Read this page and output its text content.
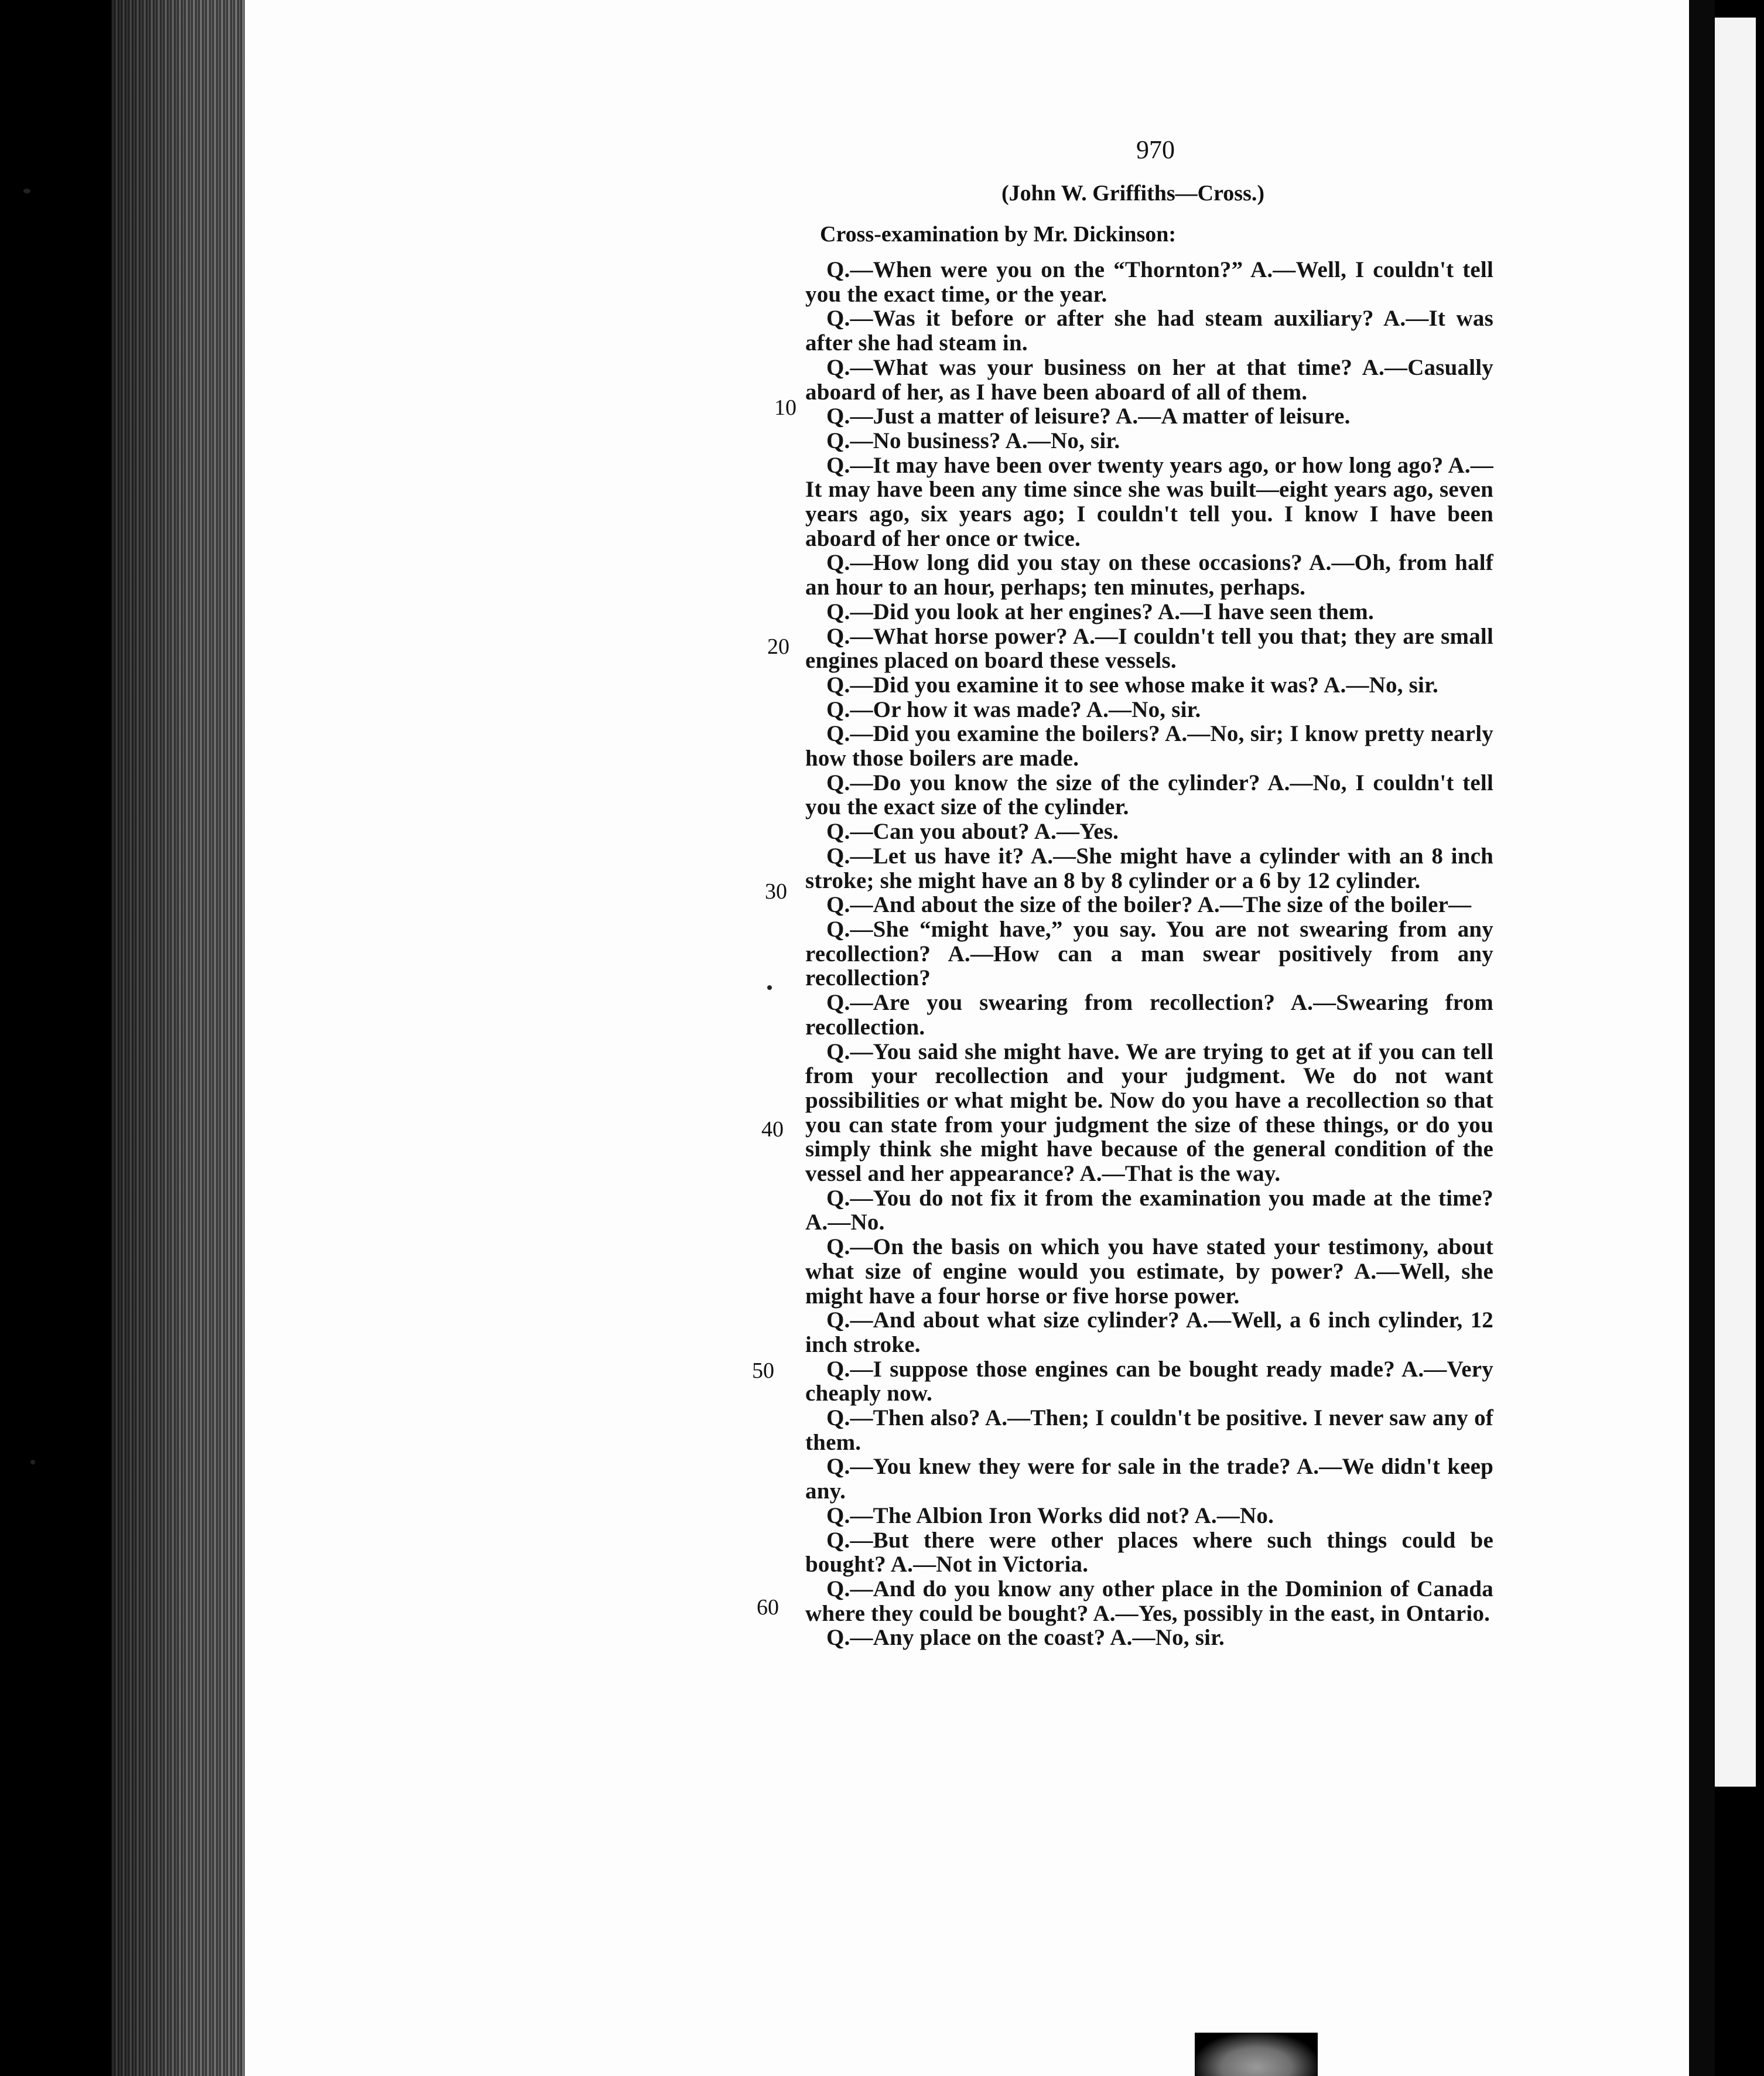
970
(John W. Griffiths—Cross.)
Cross-examination by Mr. Dickinson:
10
20
30
40
50
60

Q.—When were you on the “Thornton?” A.—Well, I couldn't tell you the exact time, or the year.

Q.—Was it before or after she had steam auxiliary? A.—It was after she had steam in.

Q.—What was your business on her at that time? A.—Casually aboard of her, as I have been aboard of all of them.

Q.—Just a matter of leisure? A.—A matter of leisure.

Q.—No business? A.—No, sir.

Q.—It may have been over twenty years ago, or how long ago? A.—It may have been any time since she was built—eight years ago, seven years ago, six years ago; I couldn't tell you. I know I have been aboard of her once or twice.

Q.—How long did you stay on these occasions? A.—Oh, from half an hour to an hour, perhaps; ten minutes, perhaps.

Q.—Did you look at her engines? A.—I have seen them.

Q.—What horse power? A.—I couldn't tell you that; they are small engines placed on board these vessels.

Q.—Did you examine it to see whose make it was? A.—No, sir.

Q.—Or how it was made? A.—No, sir.

Q.—Did you examine the boilers? A.—No, sir; I know pretty nearly how those boilers are made.

Q.—Do you know the size of the cylinder? A.—No, I couldn't tell you the exact size of the cylinder.

Q.—Can you about? A.—Yes.

Q.—Let us have it? A.—She might have a cylinder with an 8 inch stroke; she might have an 8 by 8 cylinder or a 6 by 12 cylinder.

Q.—And about the size of the boiler? A.—The size of the boiler—

Q.—She “might have,” you say. You are not swearing from any recollection? A.—How can a man swear positively from any recollection?

Q.—Are you swearing from recollection? A.—Swearing from recollection.

Q.—You said she might have. We are trying to get at if you can tell from your recollection and your judgment. We do not want possibilities or what might be. Now do you have a recollection so that you can state from your judgment the size of these things, or do you simply think she might have because of the general condition of the vessel and her appearance? A.—That is the way.

Q.—You do not fix it from the examination you made at the time? A.—No.

Q.—On the basis on which you have stated your testimony, about what size of engine would you estimate, by power? A.—Well, she might have a four horse or five horse power.

Q.—And about what size cylinder? A.—Well, a 6 inch cylinder, 12 inch stroke.

Q.—I suppose those engines can be bought ready made? A.—Very cheaply now.

Q.—Then also? A.—Then; I couldn't be positive. I never saw any of them.

Q.—You knew they were for sale in the trade? A.—We didn't keep any.

Q.—The Albion Iron Works did not? A.—No.

Q.—But there were other places where such things could be bought? A.—Not in Victoria.

Q.—And do you know any other place in the Dominion of Canada where they could be bought? A.—Yes, possibly in the east, in Ontario.

Q.—Any place on the coast? A.—No, sir.
